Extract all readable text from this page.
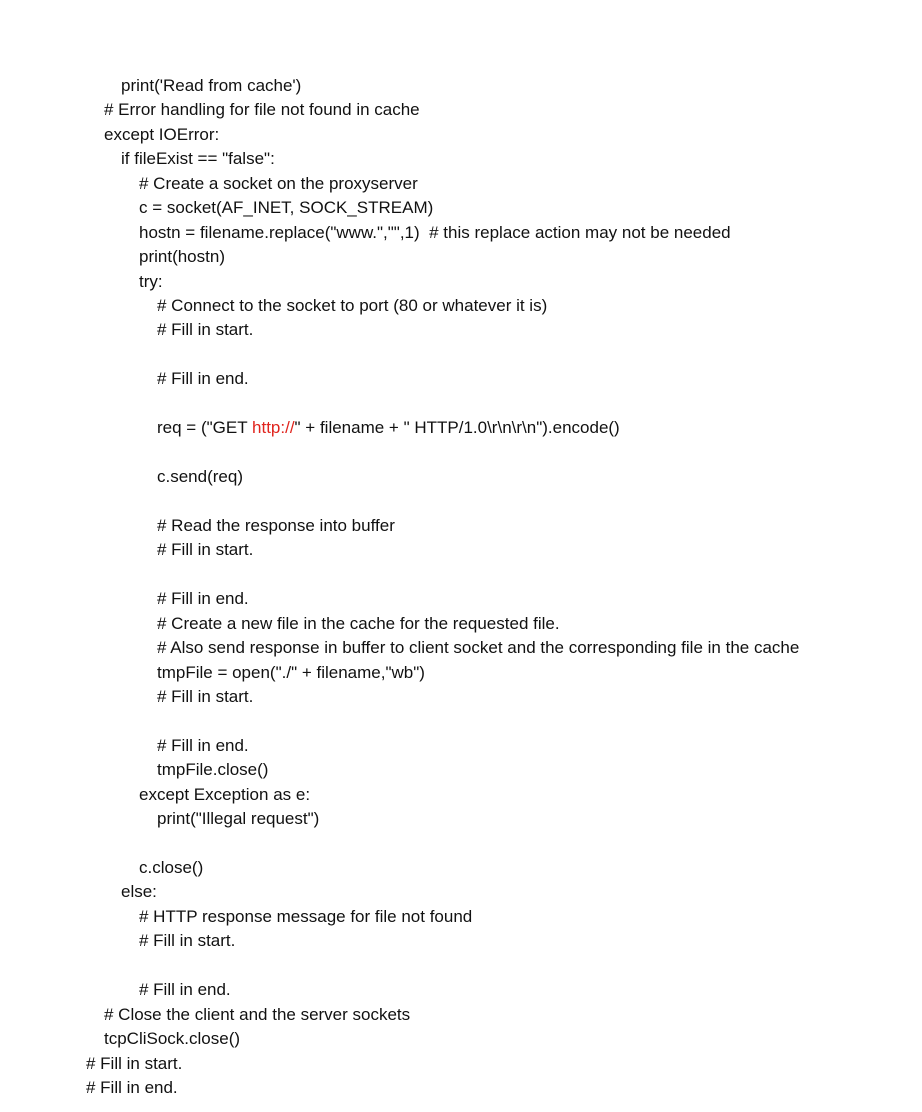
print('Read from cache')
# Error handling for file not found in cache
except IOError:
if fileExist == "false":
# Create a socket on the proxyserver
c = socket(AF_INET, SOCK_STREAM)
hostn = filename.replace("www.","",1)  # this replace action may not be needed
print(hostn)
try:
# Connect to the socket to port (80 or whatever it is)
# Fill in start.
# Fill in end.
req = ("GET http://" + filename + " HTTP/1.0\r\n\r\n").encode()
c.send(req)
# Read the response into buffer
# Fill in start.
# Fill in end.
# Create a new file in the cache for the requested file.
# Also send response in buffer to client socket and the corresponding file in the cache
tmpFile = open("./" + filename,"wb")
# Fill in start.
# Fill in end.
tmpFile.close()
except Exception as e:
print("Illegal request")
c.close()
else:
# HTTP response message for file not found
# Fill in start.
# Fill in end.
# Close the client and the server sockets
tcpCliSock.close()
# Fill in start.
# Fill in end.
